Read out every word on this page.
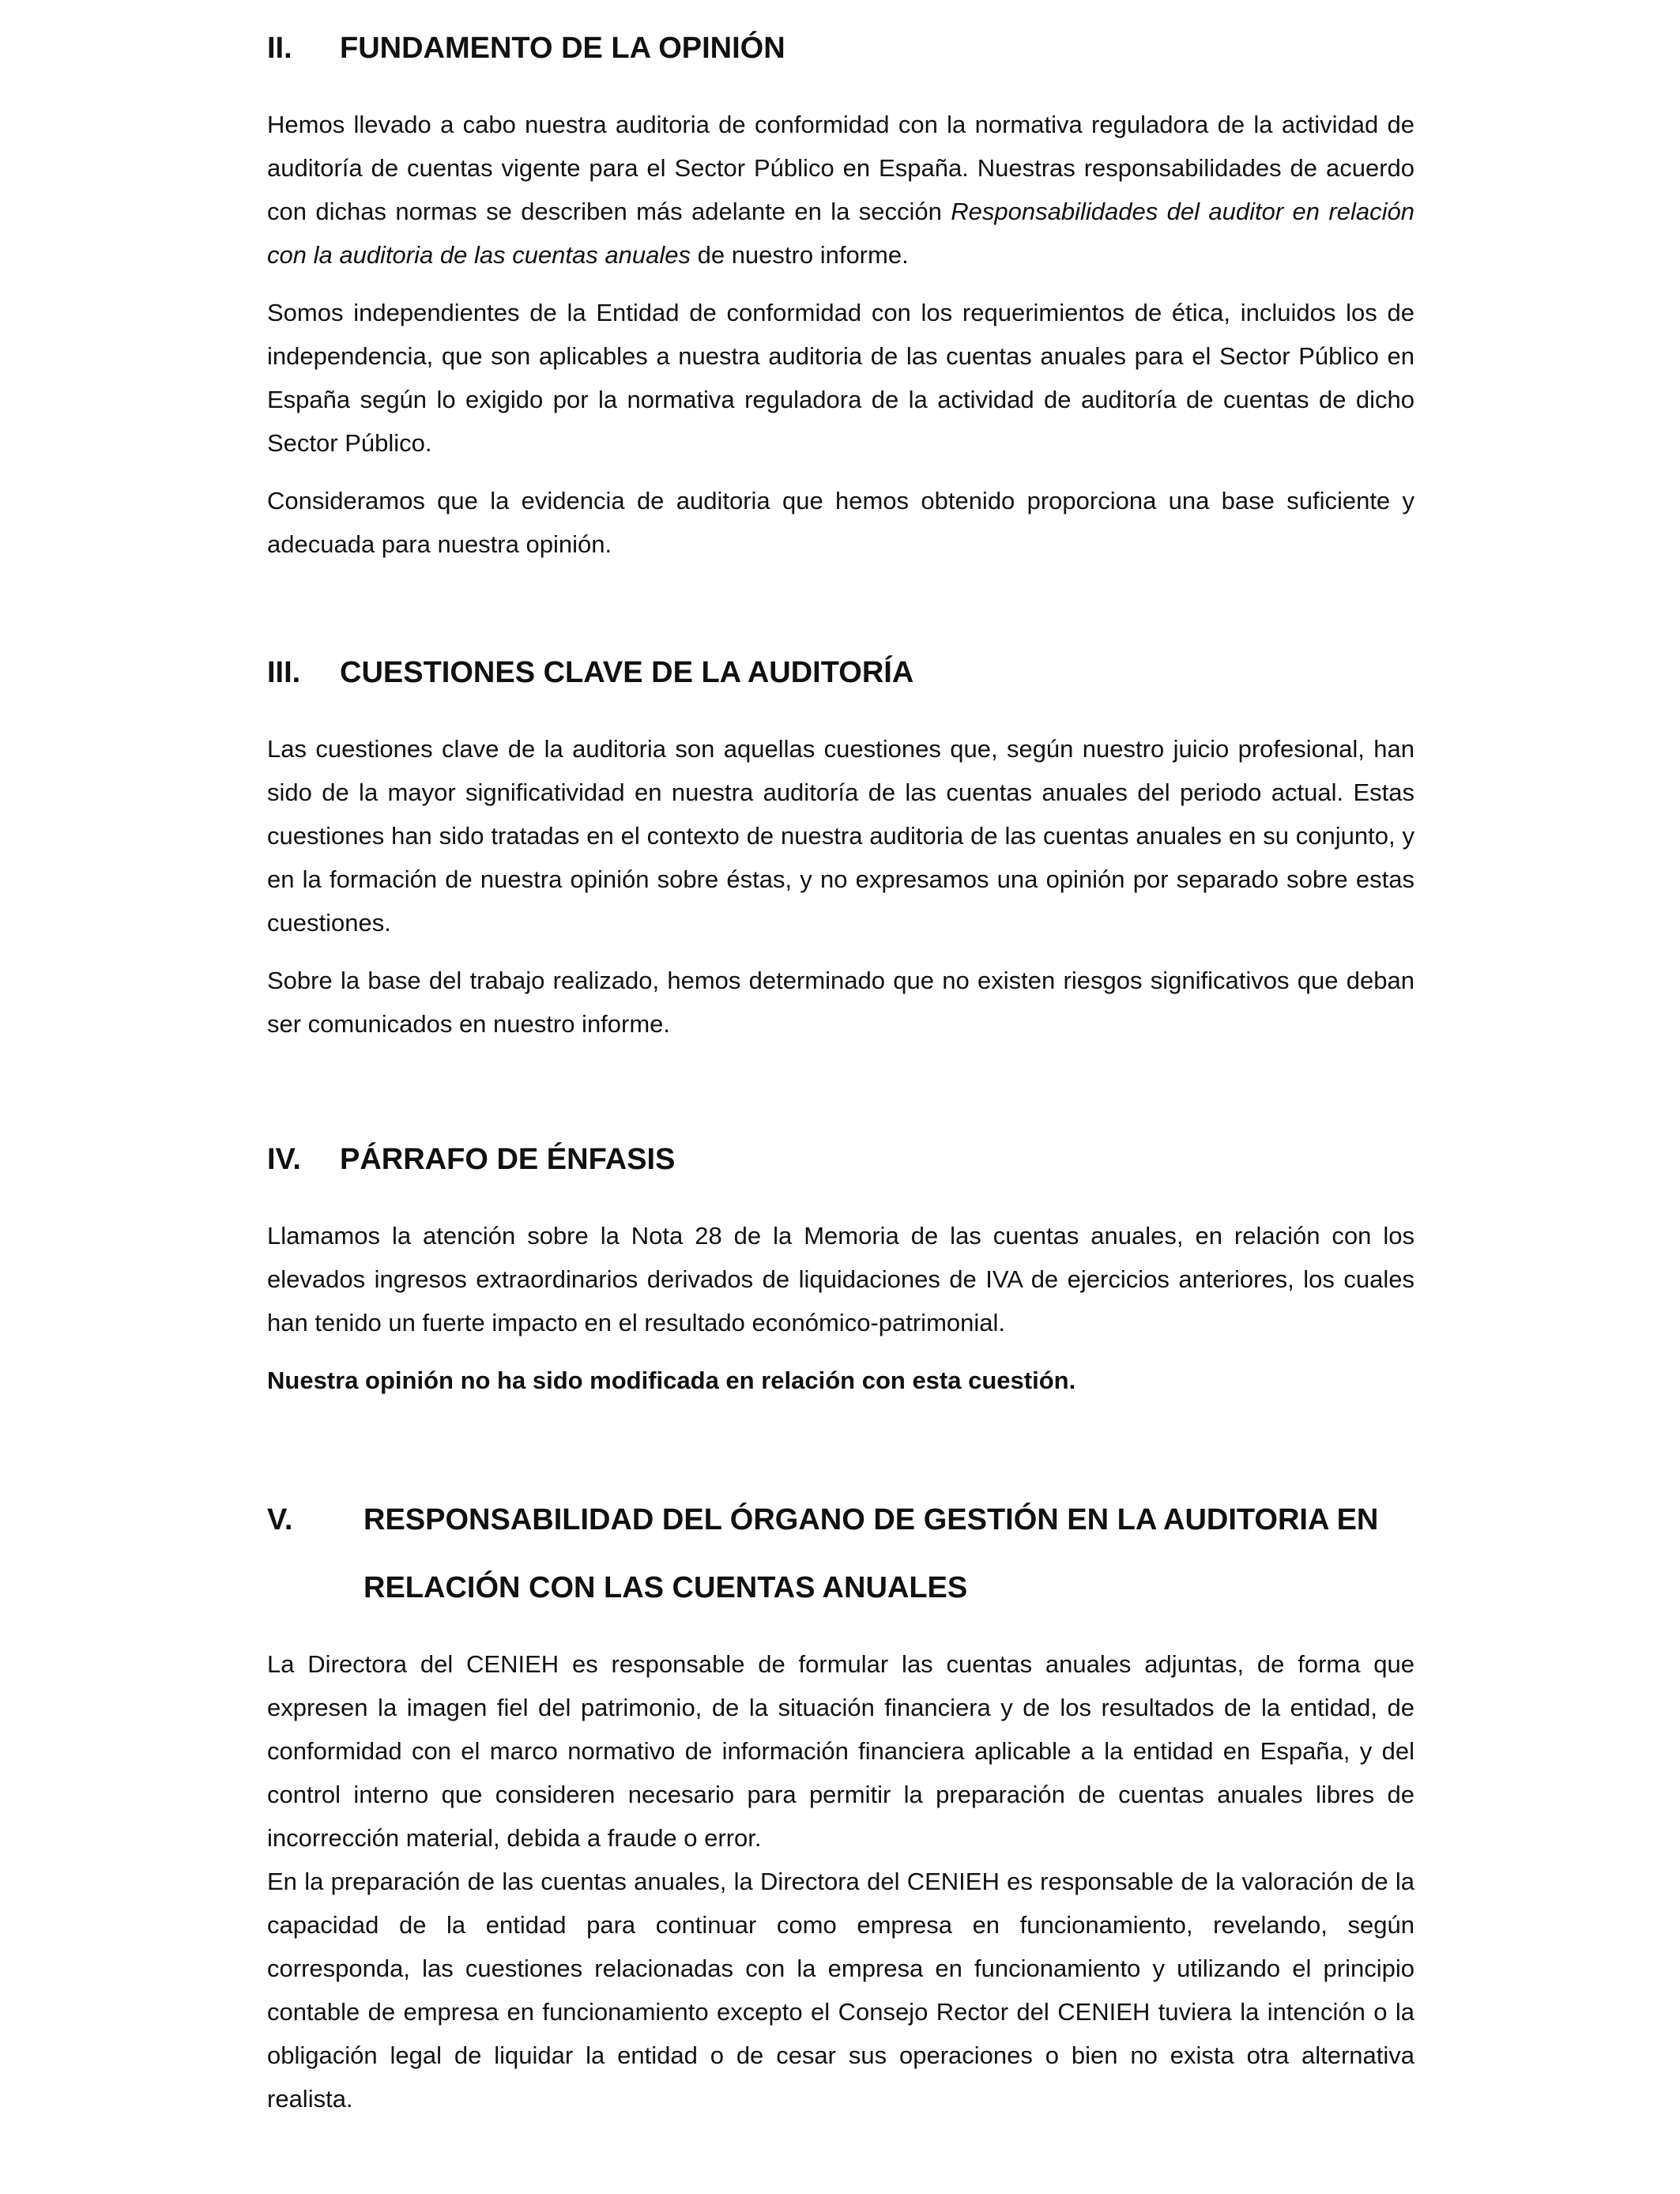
II. FUNDAMENTO DE LA OPINIÓN

Hemos llevado a cabo nuestra auditoria de conformidad con la normativa reguladora de la actividad de auditoría de cuentas vigente para el Sector Público en España. Nuestras responsabilidades de acuerdo con dichas normas se describen más adelante en la sección Responsabilidades del auditor en relación con la auditoria de las cuentas anuales de nuestro informe.

Somos independientes de la Entidad de conformidad con los requerimientos de ética, incluidos los de independencia, que son aplicables a nuestra auditoria de las cuentas anuales para el Sector Público en España según lo exigido por la normativa reguladora de la actividad de auditoría de cuentas de dicho Sector Público.

Consideramos que la evidencia de auditoria que hemos obtenido proporciona una base suficiente y adecuada para nuestra opinión.

III. CUESTIONES CLAVE DE LA AUDITORÍA

Las cuestiones clave de la auditoria son aquellas cuestiones que, según nuestro juicio profesional, han sido de la mayor significatividad en nuestra auditoría de las cuentas anuales del periodo actual. Estas cuestiones han sido tratadas en el contexto de nuestra auditoria de las cuentas anuales en su conjunto, y en la formación de nuestra opinión sobre éstas, y no expresamos una opinión por separado sobre estas cuestiones.

Sobre la base del trabajo realizado, hemos determinado que no existen riesgos significativos que deban ser comunicados en nuestro informe.

IV. PÁRRAFO DE ÉNFASIS

Llamamos la atención sobre la Nota 28 de la Memoria de las cuentas anuales, en relación con los elevados ingresos extraordinarios derivados de liquidaciones de IVA de ejercicios anteriores, los cuales han tenido un fuerte impacto en el resultado económico-patrimonial.

Nuestra opinión no ha sido modificada en relación con esta cuestión.

V. RESPONSABILIDAD DEL ÓRGANO DE GESTIÓN EN LA AUDITORIA EN RELACIÓN CON LAS CUENTAS ANUALES

La Directora del CENIEH es responsable de formular las cuentas anuales adjuntas, de forma que expresen la imagen fiel del patrimonio, de la situación financiera y de los resultados de la entidad, de conformidad con el marco normativo de información financiera aplicable a la entidad en España, y del control interno que consideren necesario para permitir la preparación de cuentas anuales libres de incorrección material, debida a fraude o error.

En la preparación de las cuentas anuales, la Directora del CENIEH es responsable de la valoración de la capacidad de la entidad para continuar como empresa en funcionamiento, revelando, según corresponda, las cuestiones relacionadas con la empresa en funcionamiento y utilizando el principio contable de empresa en funcionamiento excepto el Consejo Rector del CENIEH tuviera la intención o la obligación legal de liquidar la entidad o de cesar sus operaciones o bien no exista otra alternativa realista.
